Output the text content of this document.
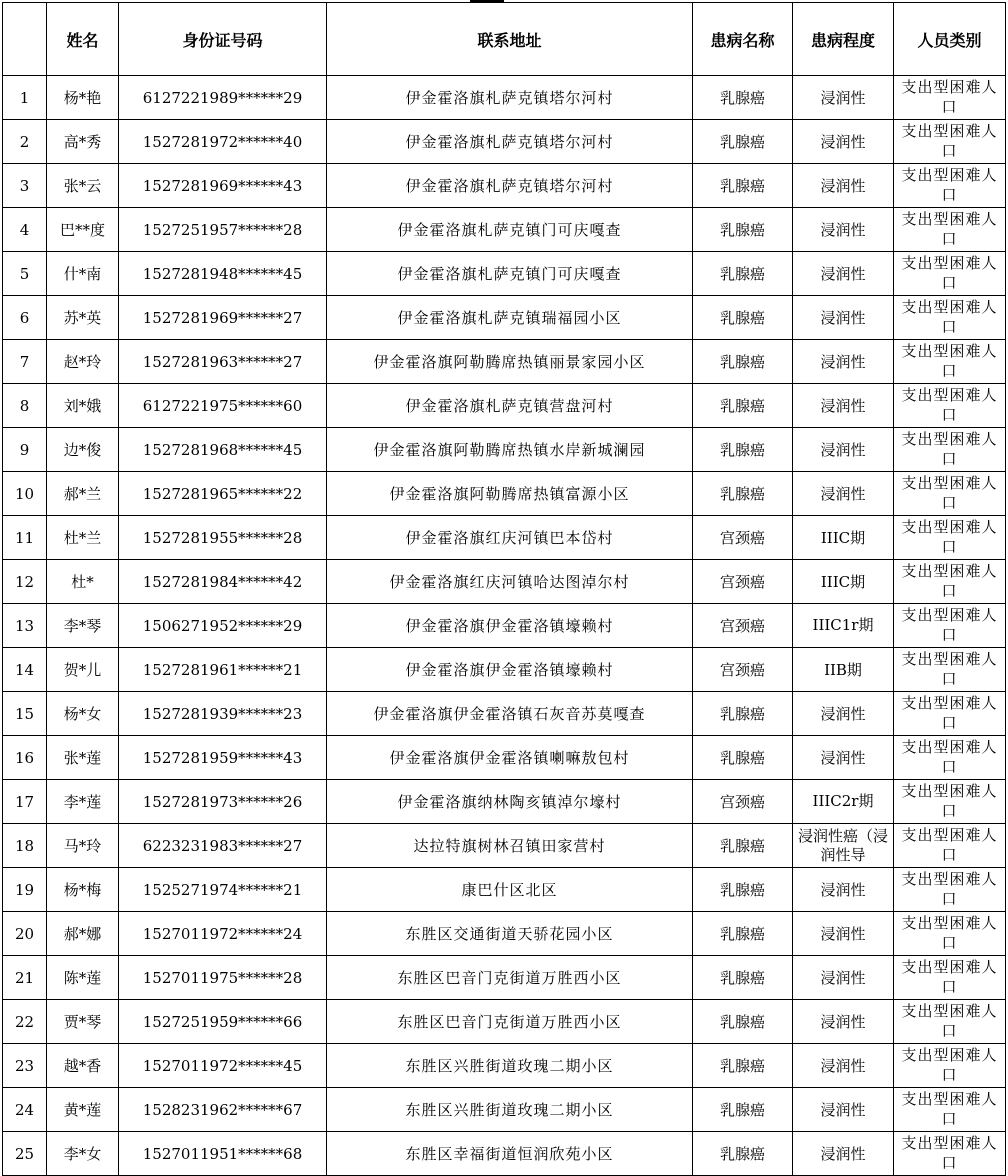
	姓名	身份证号码	联系地址	患病名称	患病程度	人员类别
1	杨*艳	6127221989******29	伊金霍洛旗札萨克镇塔尔河村	乳腺癌	浸润性	支出型困难人口
2	高*秀	1527281972******40	伊金霍洛旗札萨克镇塔尔河村	乳腺癌	浸润性	支出型困难人口
3	张*云	1527281969******43	伊金霍洛旗札萨克镇塔尔河村	乳腺癌	浸润性	支出型困难人口
4	巴**度	1527251957******28	伊金霍洛旗札萨克镇门可庆嘎查	乳腺癌	浸润性	支出型困难人口
5	什*南	1527281948******45	伊金霍洛旗札萨克镇门可庆嘎查	乳腺癌	浸润性	支出型困难人口
6	苏*英	1527281969******27	伊金霍洛旗札萨克镇瑞福园小区	乳腺癌	浸润性	支出型困难人口
7	赵*玲	1527281963******27	伊金霍洛旗阿勒腾席热镇丽景家园小区	乳腺癌	浸润性	支出型困难人口
8	刘*娥	6127221975******60	伊金霍洛旗札萨克镇营盘河村	乳腺癌	浸润性	支出型困难人口
9	边*俊	1527281968******45	伊金霍洛旗阿勒腾席热镇水岸新城澜园	乳腺癌	浸润性	支出型困难人口
10	郝*兰	1527281965******22	伊金霍洛旗阿勒腾席热镇富源小区	乳腺癌	浸润性	支出型困难人口
11	杜*兰	1527281955******28	伊金霍洛旗红庆河镇巴本岱村	宫颈癌	IIIC期	支出型困难人口
12	杜*	1527281984******42	伊金霍洛旗红庆河镇哈达图淖尔村	宫颈癌	IIIC期	支出型困难人口
13	李*琴	1506271952******29	伊金霍洛旗伊金霍洛镇壕赖村	宫颈癌	IIIC1r期	支出型困难人口
14	贺*儿	1527281961******21	伊金霍洛旗伊金霍洛镇壕赖村	宫颈癌	IIB期	支出型困难人口
15	杨*女	1527281939******23	伊金霍洛旗伊金霍洛镇石灰音苏莫嘎查	乳腺癌	浸润性	支出型困难人口
16	张*莲	1527281959******43	伊金霍洛旗伊金霍洛镇喇嘛敖包村	乳腺癌	浸润性	支出型困难人口
17	李*莲	1527281973******26	伊金霍洛旗纳林陶亥镇淖尔壕村	宫颈癌	IIIC2r期	支出型困难人口
18	马*玲	6223231983******27	达拉特旗树林召镇田家营村	乳腺癌	浸润性癌（浸润性导	支出型困难人口
19	杨*梅	1525271974******21	康巴什区北区	乳腺癌	浸润性	支出型困难人口
20	郝*娜	1527011972******24	东胜区交通街道天骄花园小区	乳腺癌	浸润性	支出型困难人口
21	陈*莲	1527011975******28	东胜区巴音门克街道万胜西小区	乳腺癌	浸润性	支出型困难人口
22	贾*琴	1527251959******66	东胜区巴音门克街道万胜西小区	乳腺癌	浸润性	支出型困难人口
23	越*香	1527011972******45	东胜区兴胜街道玫瑰二期小区	乳腺癌	浸润性	支出型困难人口
24	黄*莲	1528231962******67	东胜区兴胜街道玫瑰二期小区	乳腺癌	浸润性	支出型困难人口
25	李*女	1527011951******68	东胜区幸福街道恒润欣苑小区	乳腺癌	浸润性	支出型困难人口
